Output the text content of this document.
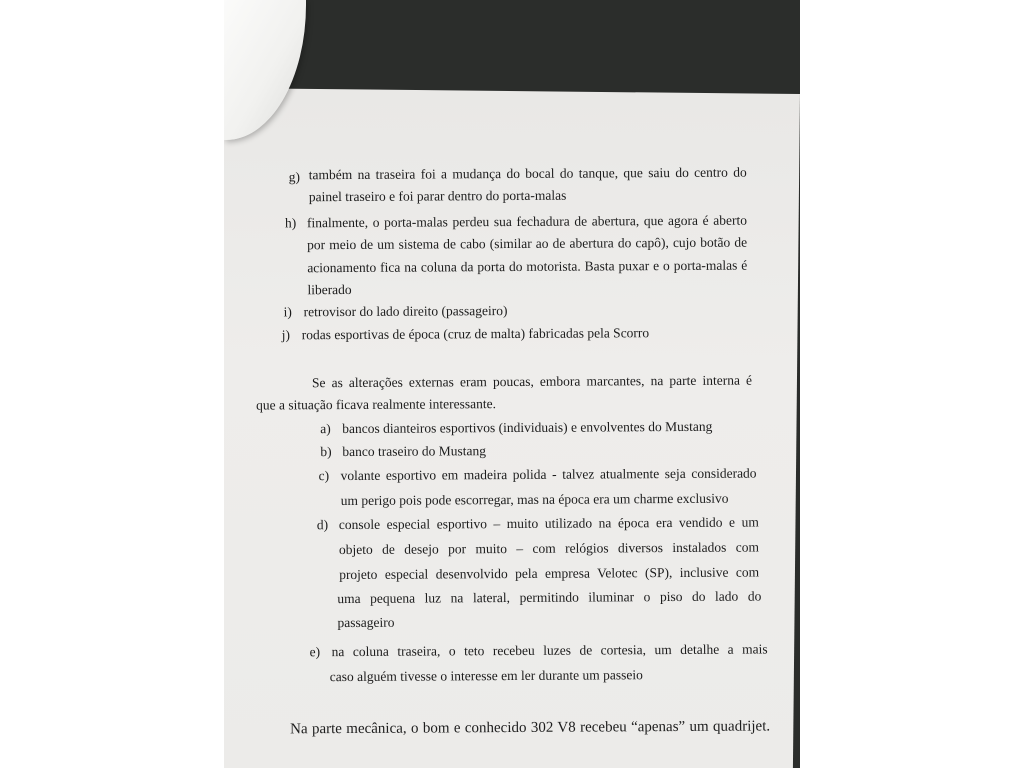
g) também na traseira foi a mudança do bocal do tanque, que saiu do centro do
painel traseiro e foi parar dentro do porta-malas
h) finalmente, o porta-malas perdeu sua fechadura de abertura, que agora é aberto
por meio de um sistema de cabo (similar ao de abertura do capô), cujo botão de
acionamento fica na coluna da porta do motorista. Basta puxar e o porta-malas é
liberado
i) retrovisor do lado direito (passageiro)
j) rodas esportivas de época (cruz de malta) fabricadas pela Scorro
Se as alterações externas eram poucas, embora marcantes, na parte interna é
que a situação ficava realmente interessante.
a) bancos dianteiros esportivos (individuais) e envolventes do Mustang
b) banco traseiro do Mustang
c) volante esportivo em madeira polida - talvez atualmente seja considerado
um perigo pois pode escorregar, mas na época era um charme exclusivo
d) console especial esportivo – muito utilizado na época era vendido e um
objeto de desejo por muito – com relógios diversos instalados com
projeto especial desenvolvido pela empresa Velotec (SP), inclusive com
uma pequena luz na lateral, permitindo iluminar o piso do lado do
passageiro
e) na coluna traseira, o teto recebeu luzes de cortesia, um detalhe a mais
caso alguém tivesse o interesse em ler durante um passeio
Na parte mecânica, o bom e conhecido 302 V8 recebeu “apenas” um quadrijet.
